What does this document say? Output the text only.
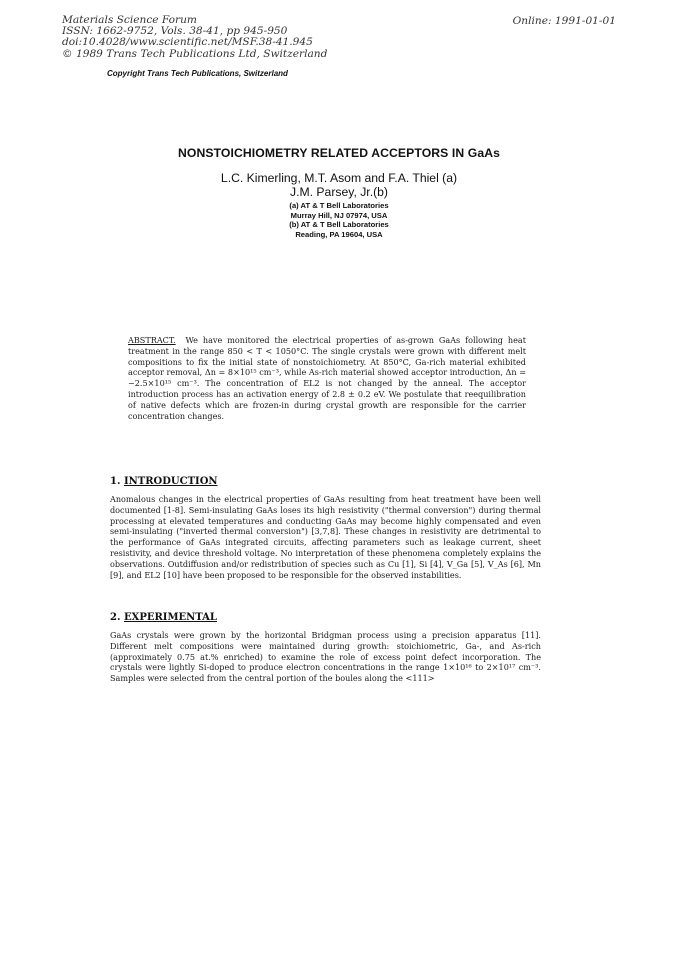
Materials Science Forum
ISSN: 1662-9752, Vols. 38-41, pp 945-950
doi:10.4028/www.scientific.net/MSF.38-41.945
© 1989 Trans Tech Publications Ltd, Switzerland
Online: 1991-01-01
Copyright Trans Tech Publications, Switzerland
NONSTOICHIOMETRY RELATED ACCEPTORS IN GaAs
L.C. Kimerling, M.T. Asom and F.A. Thiel (a)
J.M. Parsey, Jr.(b)
(a) AT & T Bell Laboratories
Murray Hill, NJ 07974, USA
(b) AT & T Bell Laboratories
Reading, PA 19604, USA
ABSTRACT. We have monitored the electrical properties of as-grown GaAs following heat treatment in the range 850 < T < 1050°C. The single crystals were grown with different melt compositions to fix the initial state of nonstoichiometry. At 850°C, Ga-rich material exhibited acceptor removal, Δn = 8×10¹⁵ cm⁻³, while As-rich material showed acceptor introduction, Δn = −2.5×10¹⁵ cm⁻³. The concentration of EL2 is not changed by the anneal. The acceptor introduction process has an activation energy of 2.8 ± 0.2 eV. We postulate that reequilibration of native defects which are frozen-in during crystal growth are responsible for the carrier concentration changes.
1. INTRODUCTION

Anomalous changes in the electrical properties of GaAs resulting from heat treatment have been well documented [1-8]. Semi-insulating GaAs loses its high resistivity ("thermal conversion") during thermal processing at elevated temperatures and conducting GaAs may become highly compensated and even semi-insulating ("inverted thermal conversion") [3,7,8]. These changes in resistivity are detrimental to the performance of GaAs integrated circuits, affecting parameters such as leakage current, sheet resistivity, and device threshold voltage. No interpretation of these phenomena completely explains the observations. Outdiffusion and/or redistribution of species such as Cu [1], Si [4], V_Ga [5], V_As [6], Mn [9], and EL2 [10] have been proposed to be responsible for the observed instabilities.

2. EXPERIMENTAL

GaAs crystals were grown by the horizontal Bridgman process using a precision apparatus [11]. Different melt compositions were maintained during growth: stoichiometric, Ga-, and As-rich (approximately 0.75 at.% enriched) to examine the role of excess point defect incorporation. The crystals were lightly Si-doped to produce electron concentrations in the range 1×10¹⁶ to 2×10¹⁷ cm⁻³. Samples were selected from the central portion of the boules along the <111>
